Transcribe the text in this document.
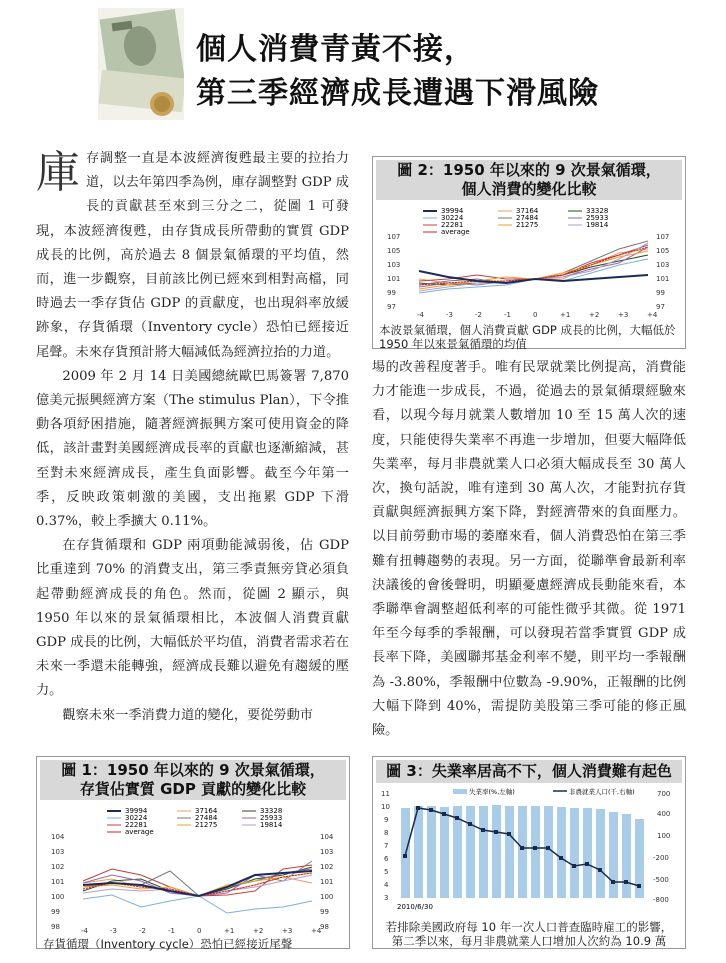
個人消費青黃不接，
第三季經濟成長遭遇下滑風險

庫存調整一直是本波經濟復甦最主要的拉抬力道，以去年第四季為例，庫存調整對 GDP 成長的貢獻甚至來到三分之二，從圖 1 可發現，本波經濟復甦，由存貨成長所帶動的實質 GDP 成長的比例，高於過去 8 個景氣循環的平均值，然而，進一步觀察，目前該比例已經來到相對高檔，同時過去一季存貨佔 GDP 的貢獻度，也出現斜率放緩跡象，存貨循環（Inventory cycle）恐怕已經接近尾聲。未來存貨預計將大幅減低為經濟拉抬的力道。

2009 年 2 月 14 日美國總統歐巴馬簽署 7,870 億美元振興經濟方案（The stimulus Plan），下令推動各項紓困措施，隨著經濟振興方案可使用資金的降低，該計畫對美國經濟成長率的貢獻也逐漸縮減，甚至對未來經濟成長，產生負面影響。截至今年第一季，反映政策刺激的美國，支出拖累 GDP 下滑 0.37%，較上季擴大 0.11%。

在存貨循環和 GDP 兩項動能減弱後，佔 GDP 比重達到 70% 的消費支出，第三季責無旁貸必須負起帶動經濟成長的角色。然而，從圖 2 顯示，與 1950 年以來的景氣循環相比，本波個人消費貢獻 GDP 成長的比例，大幅低於平均值，消費者需求若在未來一季還未能轉強，經濟成長難以避免有趨緩的壓力。

觀察未來一季消費力道的變化，要從勞動市

場的改善程度著手。唯有民眾就業比例提高，消費能力才能進一步成長，不過，從過去的景氣循環經驗來看，以現今每月就業人數增加 10 至 15 萬人次的速度，只能使得失業率不再進一步增加，但要大幅降低失業率，每月非農就業人口必須大幅成長至 30 萬人次，換句話說，唯有達到 30 萬人次，才能對抗存貨貢獻與經濟振興方案下降，對經濟帶來的負面壓力。以目前勞動市場的萎靡來看，個人消費恐怕在第三季難有扭轉趨勢的表現。另一方面，從聯準會最新利率決議後的會後聲明，明顯憂慮經濟成長動能來看，本季聯準會調整超低利率的可能性微乎其微。從 1971 年至今每季的季報酬，可以發現若當季實質 GDP 成長率下降，美國聯邦基金利率不變，則平均一季報酬為 -3.80%，季報酬中位數為 -9.90%，正報酬的比例大幅下降到 40%，需提防美股第三季可能的修正風險。

圖 2：1950 年以來的 9 次景氣循環，
個人消費的變化比較
39994	37164	33328
30224	27484	25933
22281	21275	19814
average
107	107
105	105
103	103
101	101
99	99
97	97
-4	-3	-2	-1	0	+1	+2	+3	+4
本波景氣循環，個人消費貢獻 GDP 成長的比例，大幅低於 1950 年以來景氣循環的均值
圖 1：1950 年以來的 9 次景氣循環，
存貨佔實質 GDP 貢獻的變化比較
39994	37164	33328
30224	27484	25933
22281	21275	19814
average
104	104
103	103
102	102
101	101
100	100
99	99
98	98
-4	-3	-2	-1	0	+1	+2	+3	+4
存貨循環（Inventory cycle）恐怕已經接近尾聲
圖 3：失業率居高不下，個人消費難有起色
失業率(%,左軸)	非農就業人口(千,右軸)
11
10
9
8
7
6
5
4
3
700
400
100
-200
-500
-800
2010/6/30
若排除美國政府每 10 年一次人口普查臨時雇工的影響，第二季以來，每月非農就業人口增加人次約為 10.9 萬
